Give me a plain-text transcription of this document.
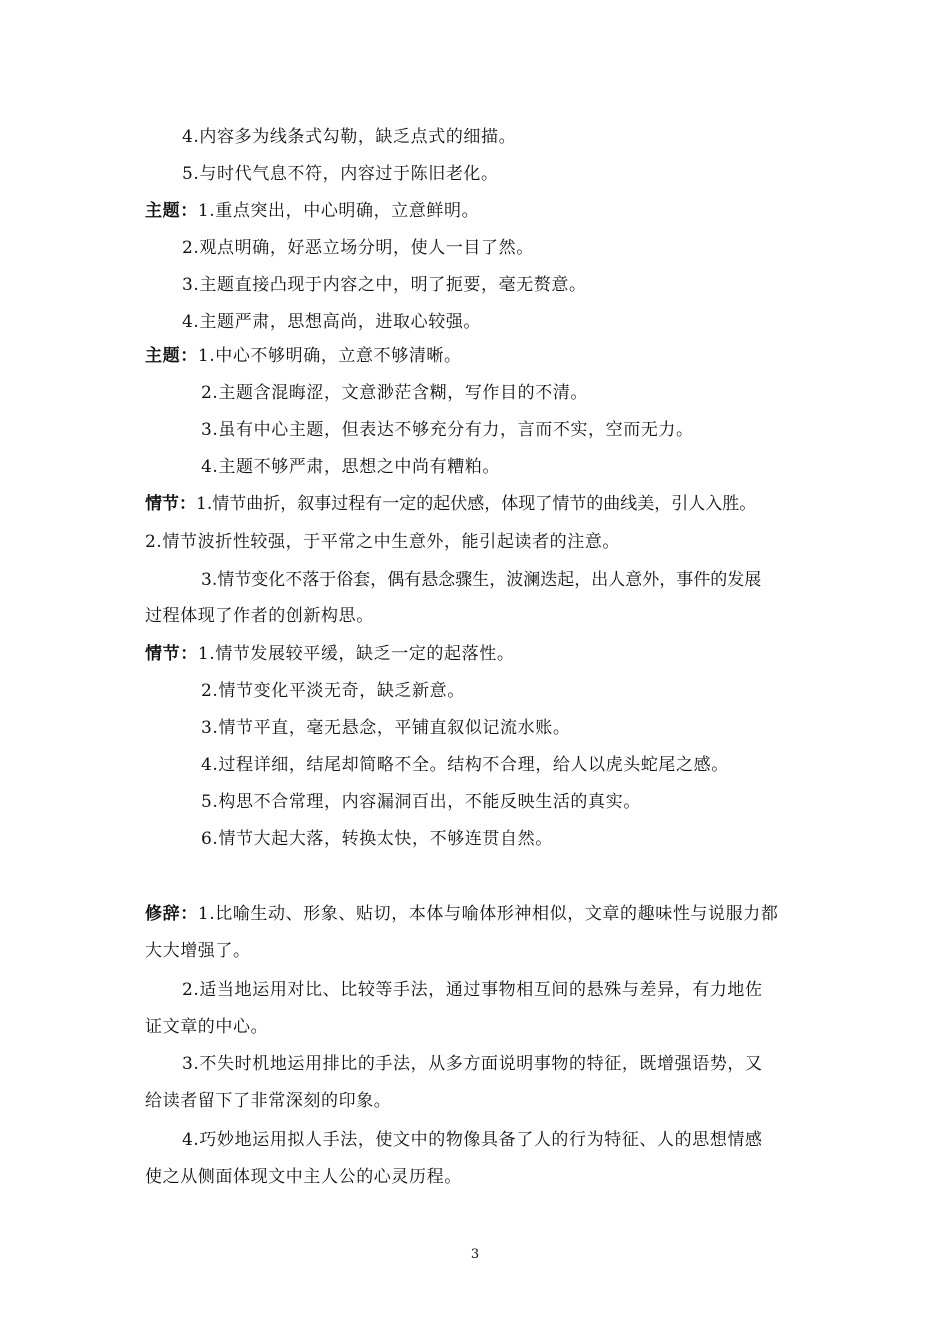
4.内容多为线条式勾勒，缺乏点式的细描。
5.与时代气息不符，内容过于陈旧老化。
主题：1.重点突出，中心明确，立意鲜明。
2.观点明确，好恶立场分明，使人一目了然。
3.主题直接凸现于内容之中，明了扼要，毫无赘意。
4.主题严肃，思想高尚，进取心较强。
主题：1.中心不够明确，立意不够清晰。
2.主题含混晦涩，文意渺茫含糊，写作目的不清。
3.虽有中心主题，但表达不够充分有力，言而不实，空而无力。
4.主题不够严肃，思想之中尚有糟粕。
情节：1.情节曲折，叙事过程有一定的起伏感，体现了情节的曲线美，引人入胜。
2.情节波折性较强，于平常之中生意外，能引起读者的注意。
3.情节变化不落于俗套，偶有悬念骤生，波澜迭起，出人意外，事件的发展
过程体现了作者的创新构思。
情节：1.情节发展较平缓，缺乏一定的起落性。
2.情节变化平淡无奇，缺乏新意。
3.情节平直，毫无悬念，平铺直叙似记流水账。
4.过程详细，结尾却简略不全。结构不合理，给人以虎头蛇尾之感。
5.构思不合常理，内容漏洞百出，不能反映生活的真实。
6.情节大起大落，转换太快，不够连贯自然。
修辞：1.比喻生动、形象、贴切，本体与喻体形神相似，文章的趣味性与说服力都
大大增强了。
2.适当地运用对比、比较等手法，通过事物相互间的悬殊与差异，有力地佐
证文章的中心。
3.不失时机地运用排比的手法，从多方面说明事物的特征，既增强语势，又
给读者留下了非常深刻的印象。
4.巧妙地运用拟人手法，使文中的物像具备了人的行为特征、人的思想情感
使之从侧面体现文中主人公的心灵历程。
3
